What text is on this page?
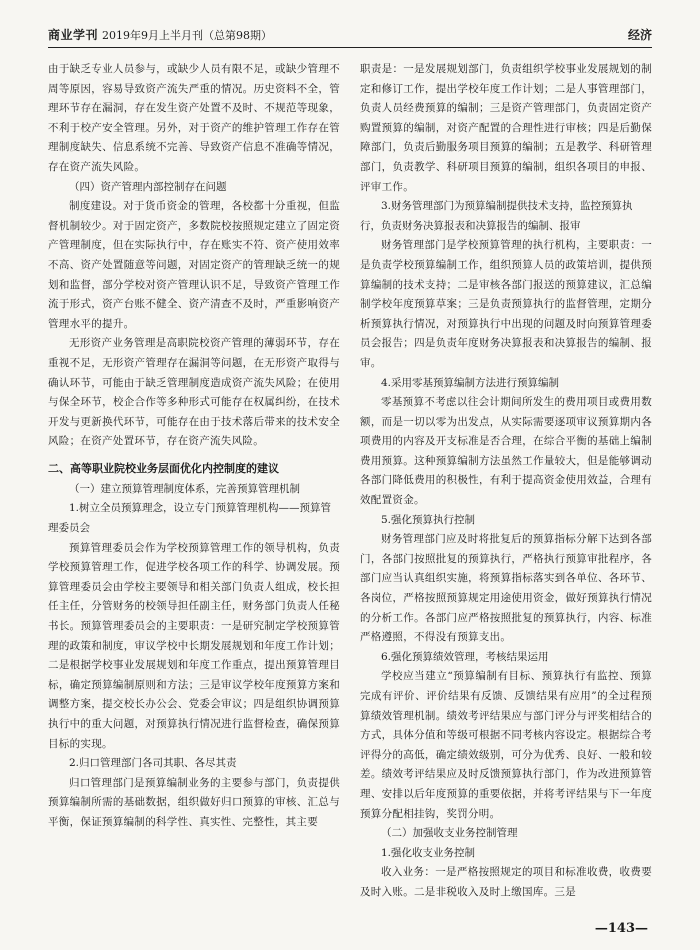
商业学刊 2019年9月上半月刊（总第98期）	经济

由于缺乏专业人员参与，或缺少人员有限不足，或缺少管理不周等原因，容易导致资产流失严重的情况。历史资料不全，管理环节存在漏洞，存在发生资产处置不及时、不规范等现象，不利于校产安全管理。另外，对于资产的维护管理工作存在管理制度缺失、信息系统不完善、导致资产信息不准确等情况，存在资产流失风险。

（四）资产管理内部控制存在问题

制度建设。对于货币资金的管理，各校都十分重视，但监督机制较少。对于固定资产，多数院校按照规定建立了固定资产管理制度，但在实际执行中，存在账实不符、资产使用效率不高、资产处置随意等问题，对固定资产的管理缺乏统一的规划和监督，部分学校对资产管理认识不足，导致资产管理工作流于形式，资产台账不健全、资产清查不及时，严重影响资产管理水平的提升。

无形资产业务管理是高职院校资产管理的薄弱环节，存在重视不足，无形资产管理存在漏洞等问题，在无形资产取得与确认环节，可能由于缺乏管理制度造成资产流失风险；在使用与保全环节，校企合作等多种形式可能存在权属纠纷，在技术开发与更新换代环节，可能存在由于技术落后带来的技术安全风险；在资产处置环节，存在资产流失风险。

二、高等职业院校业务层面优化内控制度的建议

（一）建立预算管理制度体系，完善预算管理机制

1.树立全员预算理念，设立专门预算管理机构——预算管理委员会

预算管理委员会作为学校预算管理工作的领导机构，负责学校预算管理工作，促进学校各项工作的科学、协调发展。预算管理委员会由学校主要领导和相关部门负责人组成，校长担任主任，分管财务的校领导担任副主任，财务部门负责人任秘书长。预算管理委员会的主要职责：一是研究制定学校预算管理的政策和制度，审议学校中长期发展规划和年度工作计划；二是根据学校事业发展规划和年度工作重点，提出预算管理目标，确定预算编制原则和方法；三是审议学校年度预算方案和调整方案，提交校长办公会、党委会审议；四是组织协调预算执行中的重大问题，对预算执行情况进行监督检查，确保预算目标的实现。

2.归口管理部门各司其职、各尽其责

归口管理部门是预算编制业务的主要参与部门，负责提供预算编制所需的基础数据，组织做好归口预算的审核、汇总与平衡，保证预算编制的科学性、真实性、完整性，其主要

职责是：一是发展规划部门，负责组织学校事业发展规划的制定和修订工作，提出学校年度工作计划；二是人事管理部门，负责人员经费预算的编制；三是资产管理部门，负责固定资产购置预算的编制，对资产配置的合理性进行审核；四是后勤保障部门，负责后勤服务项目预算的编制；五是教学、科研管理部门，负责教学、科研项目预算的编制，组织各项目的申报、评审工作。

3.财务管理部门为预算编制提供技术支持，监控预算执行，负责财务决算报表和决算报告的编制、报审

财务管理部门是学校预算管理的执行机构，主要职责：一是负责学校预算编制工作，组织预算人员的政策培训，提供预算编制的技术支持；二是审核各部门报送的预算建议，汇总编制学校年度预算草案；三是负责预算执行的监督管理，定期分析预算执行情况，对预算执行中出现的问题及时向预算管理委员会报告；四是负责年度财务决算报表和决算报告的编制、报审。

4.采用零基预算编制方法进行预算编制

零基预算不考虑以往会计期间所发生的费用项目或费用数额，而是一切以零为出发点，从实际需要逐项审议预算期内各项费用的内容及开支标准是否合理，在综合平衡的基础上编制费用预算。这种预算编制方法虽然工作量较大，但是能够调动各部门降低费用的积极性，有利于提高资金使用效益，合理有效配置资金。

5.强化预算执行控制

财务管理部门应及时将批复后的预算指标分解下达到各部门，各部门按照批复的预算执行，严格执行预算审批程序，各部门应当认真组织实施，将预算指标落实到各单位、各环节、各岗位，严格按照预算规定用途使用资金，做好预算执行情况的分析工作。各部门应严格按照批复的预算执行，内容、标准严格遵照，不得没有预算支出。

6.强化预算绩效管理，考核结果运用

学校应当建立“预算编制有目标、预算执行有监控、预算完成有评价、评价结果有反馈、反馈结果有应用”的全过程预算绩效管理机制。绩效考评结果应与部门评分与评奖相结合的方式，具体分值和等级可根据不同考核内容设定。根据综合考评得分的高低，确定绩效级别，可分为优秀、良好、一般和较差。绩效考评结果应及时反馈预算执行部门，作为改进预算管理、安排以后年度预算的重要依据，并将考评结果与下一年度预算分配相挂钩，奖罚分明。

（二）加强收支业务控制管理

1.强化收支业务控制

收入业务：一是严格按照规定的项目和标准收费，收费要及时入账。二是非税收入及时上缴国库。三是

—143—
